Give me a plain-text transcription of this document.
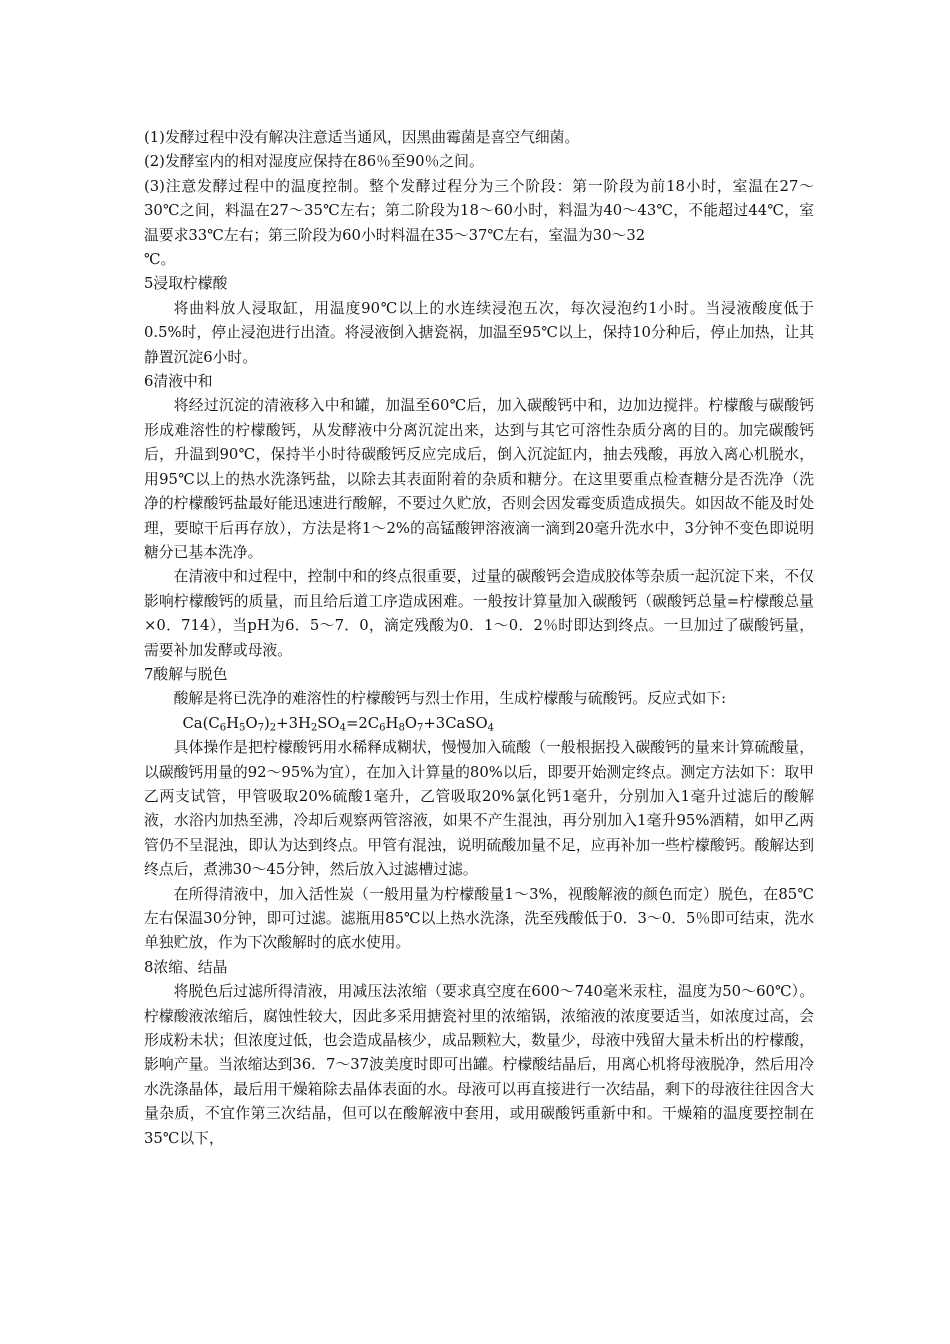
(1)发酵过程中没有解决注意适当通风，因黑曲霉菌是喜空气细菌。

(2)发酵室内的相对湿度应保持在86％至90％之间。

(3)注意发酵过程中的温度控制。整个发酵过程分为三个阶段：第一阶段为前18小时，室温在27～30℃之间，料温在27～35℃左右；第二阶段为18～60小时，料温为40～43℃，不能超过44℃，室温要求33℃左右；第三阶段为60小时料温在35～37℃左右，室温为30～32

℃。

5浸取柠檬酸

将曲料放人浸取缸，用温度90℃以上的水连续浸泡五次，每次浸泡约1小时。当浸液酸度低于0.5%时，停止浸泡进行出渣。将浸液倒入搪瓷祸，加温至95℃以上，保持10分种后，停止加热，让其静置沉淀6小时。

6清液中和

将经过沉淀的清液移入中和罐，加温至60℃后，加入碳酸钙中和，边加边搅拌。柠檬酸与碳酸钙形成难溶性的柠檬酸钙，从发酵液中分离沉淀出来，达到与其它可溶性杂质分离的目的。加完碳酸钙后，升温到90℃，保持半小时待碳酸钙反应完成后，倒入沉淀缸内，抽去残酸，再放入离心机脱水，用95℃以上的热水洗涤钙盐，以除去其表面附着的杂质和糖分。在这里要重点检查糖分是否洗净（洗净的柠檬酸钙盐最好能迅速进行酸解，不要过久贮放，否则会因发霉变质造成损失。如因故不能及时处理，要晾干后再存放），方法是将1～2%的高锰酸钾溶液滴一滴到20毫升洗水中，3分钟不变色即说明糖分已基本洗净。

在清液中和过程中，控制中和的终点很重要，过量的碳酸钙会造成胶体等杂质一起沉淀下来，不仅影响柠檬酸钙的质量，而且给后道工序造成困难。一般按计算量加入碳酸钙（碳酸钙总量=柠檬酸总量×0．714），当pH为6．5～7．0，滴定残酸为0．1～0．2％时即达到终点。一旦加过了碳酸钙量，需要补加发酵或母液。

7酸解与脱色

酸解是将已洗净的难溶性的柠檬酸钙与烈士作用，生成柠檬酸与硫酸钙。反应式如下:

$Ca(C_6H_5O_7)_2+3H_2SO_4=2C_6H_8O_7+3CaSO_4$

具体操作是把柠檬酸钙用水稀释成糊状，慢慢加入硫酸（一般根据投入碳酸钙的量来计算硫酸量，以碳酸钙用量的92～95%为宜），在加入计算量的80%以后，即要开始测定终点。测定方法如下：取甲乙两支试管，甲管吸取20%硫酸1毫升，乙管吸取20%氯化钙1毫升，分别加入1毫升过滤后的酸解液，水浴内加热至沸，冷却后观察两管溶液，如果不产生混浊，再分别加入1毫升95%酒精，如甲乙两管仍不呈混浊，即认为达到终点。甲管有混浊，说明硫酸加量不足，应再补加一些柠檬酸钙。酸解达到终点后，煮沸30～45分钟，然后放入过滤槽过滤。

在所得清液中，加入活性炭（一般用量为柠檬酸量1～3%，视酸解液的颜色而定）脱色，在85℃左右保温30分钟，即可过滤。滤瓶用85℃以上热水洗涤，洗至残酸低于0．3～0．5％即可结束，洗水单独贮放，作为下次酸解时的底水使用。

8浓缩、结晶

将脱色后过滤所得清液，用减压法浓缩（要求真空度在600～740毫米汞柱，温度为50～60℃）。柠檬酸液浓缩后，腐蚀性较大，因此多采用搪瓷衬里的浓缩锅，浓缩液的浓度要适当，如浓度过高，会形成粉未状；但浓度过低，也会造成晶核少，成品颗粒大，数量少，母液中残留大量未析出的柠檬酸，影响产量。当浓缩达到36．7～37波美度时即可出罐。柠檬酸结晶后，用离心机将母液脱净，然后用冷水洗涤晶体，最后用干燥箱除去晶体表面的水。母液可以再直接进行一次结晶，剩下的母液往往因含大量杂质，不宜作第三次结晶，但可以在酸解液中套用，或用碳酸钙重新中和。干燥箱的温度要控制在35℃以下，
